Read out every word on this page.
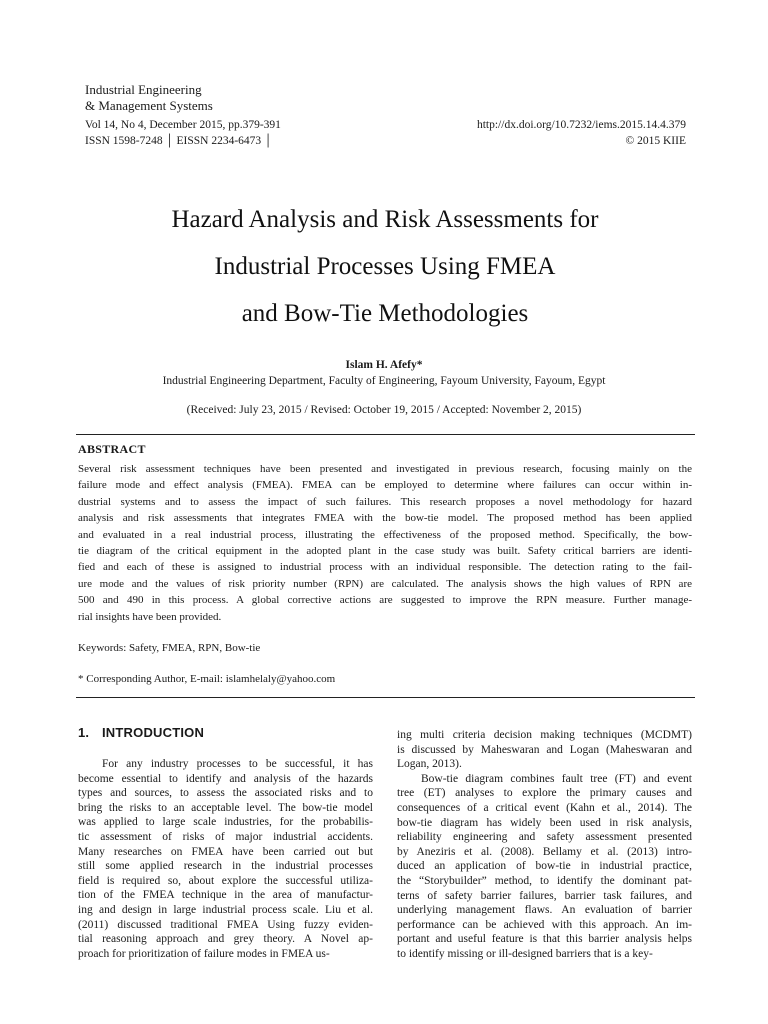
Industrial Engineering
& Management Systems
Vol 14, No 4, December 2015, pp.379-391
ISSN 1598-7248 │ EISSN 2234-6473 │
http://dx.doi.org/10.7232/iems.2015.14.4.379
© 2015 KIIE
Hazard Analysis and Risk Assessments for
Industrial Processes Using FMEA
and Bow-Tie Methodologies
Islam H. Afefy*
Industrial Engineering Department, Faculty of Engineering, Fayoum University, Fayoum, Egypt
(Received: July 23, 2015 / Revised: October 19, 2015 / Accepted: November 2, 2015)
ABSTRACT
Several risk assessment techniques have been presented and investigated in previous research, focusing mainly on the
failure mode and effect analysis (FMEA). FMEA can be employed to determine where failures can occur within in-
dustrial systems and to assess the impact of such failures. This research proposes a novel methodology for hazard
analysis and risk assessments that integrates FMEA with the bow-tie model. The proposed method has been applied
and evaluated in a real industrial process, illustrating the effectiveness of the proposed method. Specifically, the bow-
tie diagram of the critical equipment in the adopted plant in the case study was built. Safety critical barriers are identi-
fied and each of these is assigned to industrial process with an individual responsible. The detection rating to the fail-
ure mode and the values of risk priority number (RPN) are calculated. The analysis shows the high values of RPN are
500 and 490 in this process. A global corrective actions are suggested to improve the RPN measure. Further manage-
rial insights have been provided.
Keywords: Safety, FMEA, RPN, Bow-tie
* Corresponding Author, E-mail: islamhelaly@yahoo.com
1. INTRODUCTION
For any industry processes to be successful, it has
become essential to identify and analysis of the hazards
types and sources, to assess the associated risks and to
bring the risks to an acceptable level. The bow-tie model
was applied to large scale industries, for the probabilis-
tic assessment of risks of major industrial accidents.
Many researches on FMEA have been carried out but
still some applied research in the industrial processes
field is required so, about explore the successful utiliza-
tion of the FMEA technique in the area of manufactur-
ing and design in large industrial process scale. Liu et al.
(2011) discussed traditional FMEA Using fuzzy eviden-
tial reasoning approach and grey theory. A Novel ap-
proach for prioritization of failure modes in FMEA us-
ing multi criteria decision making techniques (MCDMT)
is discussed by Maheswaran and Logan (Maheswaran and
Logan, 2013).
Bow-tie diagram combines fault tree (FT) and event
tree (ET) analyses to explore the primary causes and
consequences of a critical event (Kahn et al., 2014). The
bow-tie diagram has widely been used in risk analysis,
reliability engineering and safety assessment presented
by Aneziris et al. (2008). Bellamy et al. (2013) intro-
duced an application of bow-tie in industrial practice,
the “Storybuilder” method, to identify the dominant pat-
terns of safety barrier failures, barrier task failures, and
underlying management flaws. An evaluation of barrier
performance can be achieved with this approach. An im-
portant and useful feature is that this barrier analysis helps
to identify missing or ill-designed barriers that is a key-
